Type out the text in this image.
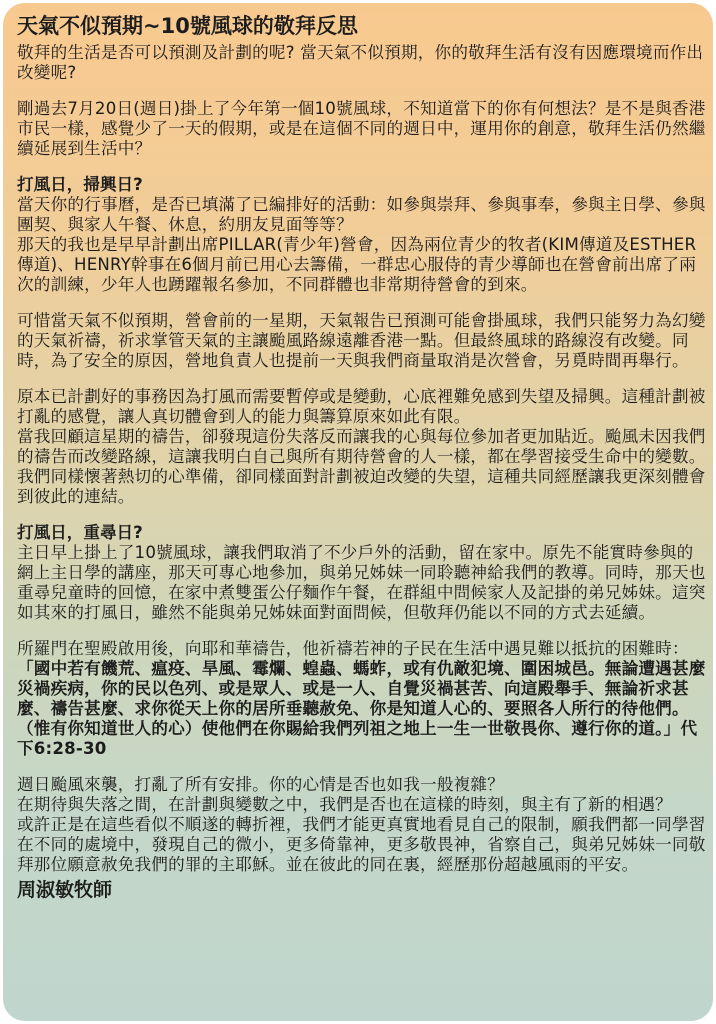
天氣不似預期~10號風球的敬拜反思

敬拜的生活是否可以預測及計劃的呢? 當天氣不似預期，你的敬拜生活有沒有因應環境而作出改變呢?

剛過去7月20日(週日)掛上了今年第一個10號風球，不知道當下的你有何想法？是不是與香港市民一樣，感覺少了一天的假期，或是在這個不同的週日中，運用你的創意，敬拜生活仍然繼續延展到生活中？

打風日，掃興日?

當天你的行事曆，是否已填滿了已編排好的活動：如參與崇拜、參與事奉，參與主日學、參與團契、與家人午餐、休息，約朋友見面等等？

那天的我也是早早計劃出席PILLAR(青少年)營會，因為兩位青少的牧者(KIM傳道及ESTHER傳道)、HENRY幹事在6個月前已用心去籌備，一群忠心服侍的青少導師也在營會前出席了兩次的訓練，少年人也踴躍報名參加，不同群體也非常期待營會的到來。

可惜當天氣不似預期，營會前的一星期，天氣報告已預測可能會掛風球，我們只能努力為幻變的天氣祈禱，祈求掌管天氣的主讓颱風路線遠離香港一點。但最終風球的路線沒有改變。同時，為了安全的原因，營地負責人也提前一天與我們商量取消是次營會，另覓時間再舉行。

原本已計劃好的事務因為打風而需要暫停或是變動，心底裡難免感到失望及掃興。這種計劃被打亂的感覺，讓人真切體會到人的能力與籌算原來如此有限。

當我回顧這星期的禱告，卻發現這份失落反而讓我的心與每位參加者更加貼近。颱風未因我們的禱告而改變路線，這讓我明白自己與所有期待營會的人一樣，都在學習接受生命中的變數。我們同樣懷著熱切的心準備，卻同樣面對計劃被迫改變的失望，這種共同經歷讓我更深刻體會到彼此的連結。

打風日，重尋日?

主日早上掛上了10號風球，讓我們取消了不少戶外的活動，留在家中。原先不能實時參與的網上主日學的講座，那天可專心地參加，與弟兄姊妹一同聆聽神給我們的教導。同時，那天也重尋兒童時的回憶，在家中煮雙蛋公仔麵作午餐，在群組中問候家人及記掛的弟兄姊妹。這突如其來的打風日，雖然不能與弟兄姊妹面對面問候，但敬拜仍能以不同的方式去延續。

所羅門在聖殿啟用後，向耶和華禱告，他祈禱若神的子民在生活中遇見難以抵抗的困難時：

「國中若有饑荒、瘟疫、旱風、霉爛、蝗蟲、螞蚱，或有仇敵犯境、圍困城邑。無論遭遇甚麼災禍疾病，你的民以色列、或是眾人、或是一人、自覺災禍甚苦、向這殿舉手、無論祈求甚麼、禱告甚麼、求你從天上你的居所垂聽赦免、你是知道人心的、要照各人所行的待他們。（惟有你知道世人的心）使他們在你賜給我們列祖之地上一生一世敬畏你、遵行你的道。」代下6:28-30

週日颱風來襲，打亂了所有安排。你的心情是否也如我一般複雜？

在期待與失落之間，在計劃與變數之中，我們是否也在這樣的時刻，與主有了新的相遇？

或許正是在這些看似不順遂的轉折裡，我們才能更真實地看見自己的限制，願我們都一同學習在不同的處境中，發現自己的微小，更多倚靠神，更多敬畏神，省察自己，與弟兄姊妹一同敬拜那位願意赦免我們的罪的主耶穌。並在彼此的同在裏，經歷那份超越風雨的平安。

周淑敏牧師
